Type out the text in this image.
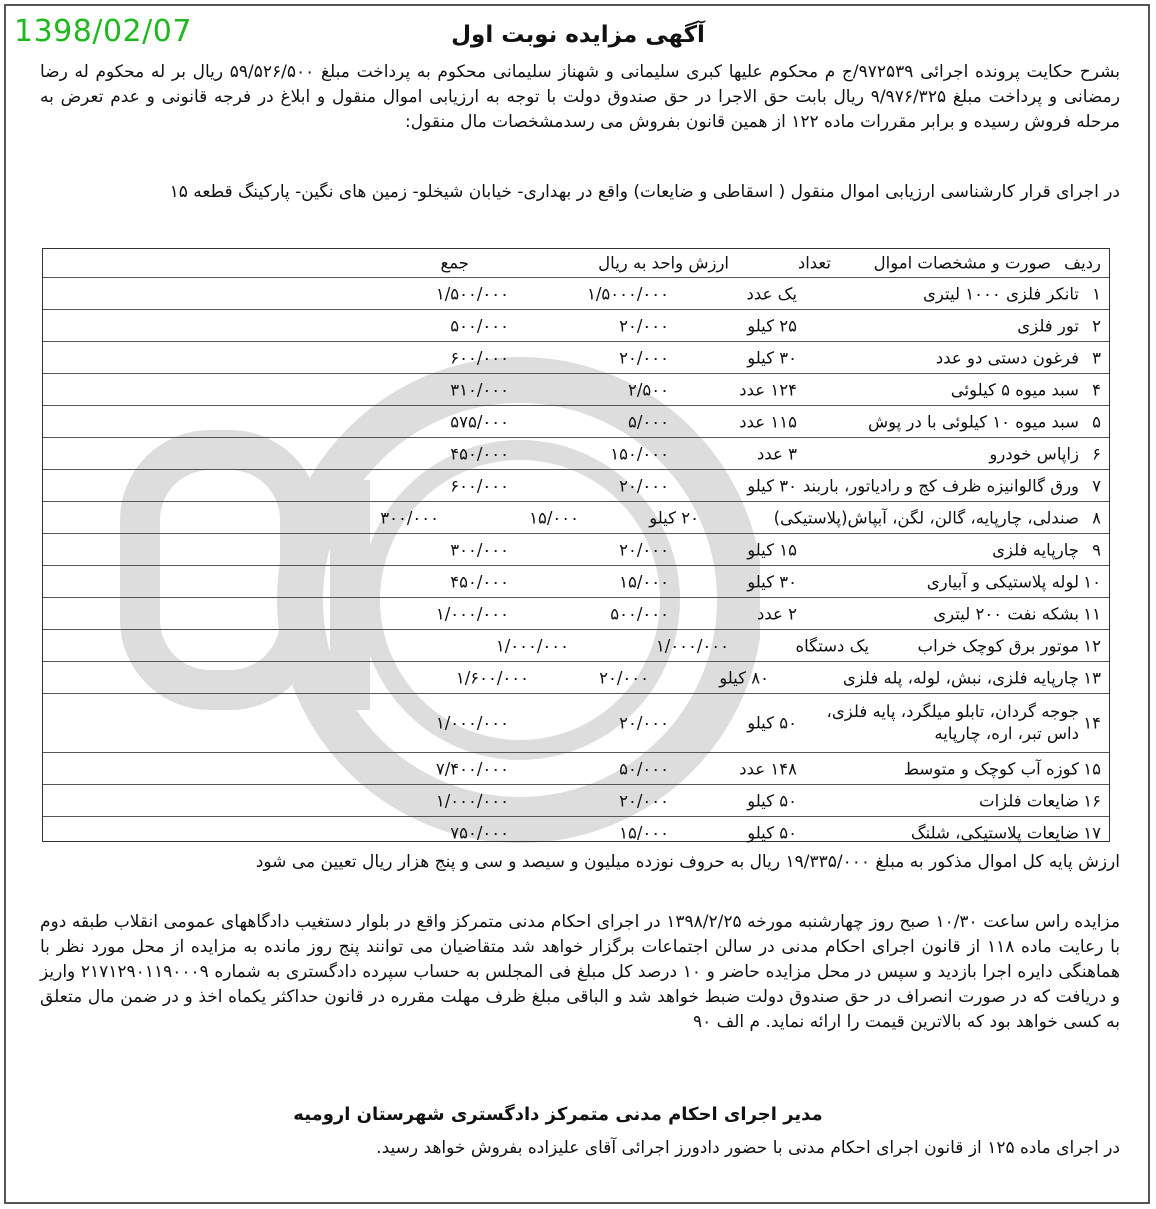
1398/02/07	آگهی مزایده نوبت اول
بشرح حکایت پرونده اجرائی ۹۷۲۵۳۹/ج م محکوم علیها کبری سلیمانی و شهناز سلیمانی محکوم به پرداخت مبلغ ۵۹/۵۲۶/۵۰۰ ریال بر له محکوم له رضا رمضانی و پرداخت مبلغ ۹/۹۷۶/۳۲۵ ریال بابت حق الاجرا در حق صندوق دولت با توجه به ارزیابی اموال منقول و ابلاغ در فرجه قانونی و عدم تعرض به مرحله فروش رسیده و برابر مقررات ماده ۱۲۲ از همین قانون بفروش می رسدمشخصات مال منقول:
در اجرای قرار کارشناسی ارزیابی اموال منقول ( اسقاطی و ضایعات) واقع در بهداری- خیابان شیخلو- زمین های نگین- پارکینگ قطعه ۱۵
ردیف
صورت و مشخصات اموال
تعداد
ارزش واحد به ریال
جمع
۱
تانکر فلزی ۱۰۰۰ لیتری
یک عدد
۱/۵۰۰۰/۰۰۰
۱/۵۰۰/۰۰۰
۲
تور فلزی
۲۵ کیلو
۲۰/۰۰۰
۵۰۰/۰۰۰
۳
فرغون دستی دو عدد
۳۰ کیلو
۲۰/۰۰۰
۶۰۰/۰۰۰
۴
سبد میوه ۵ کیلوئی
۱۲۴ عدد
۲/۵۰۰
۳۱۰/۰۰۰
۵
سبد میوه ۱۰ کیلوئی با در پوش
۱۱۵ عدد
۵/۰۰۰
۵۷۵/۰۰۰
۶
زاپاس خودرو
۳ عدد
۱۵۰/۰۰۰
۴۵۰/۰۰۰
۷
ورق گالوانیزه ظرف کج و رادیاتور، باربند
۳۰ کیلو
۲۰/۰۰۰
۶۰۰/۰۰۰
۸
صندلی، چارپایه، گالن، لگن، آبپاش(پلاستیکی)
۲۰ کیلو
۱۵/۰۰۰
۳۰۰/۰۰۰
۹
چارپایه فلزی
۱۵ کیلو
۲۰/۰۰۰
۳۰۰/۰۰۰
۱۰
لوله پلاستیکی و آبیاری
۳۰ کیلو
۱۵/۰۰۰
۴۵۰/۰۰۰
۱۱
بشکه نفت ۲۰۰ لیتری
۲ عدد
۵۰۰/۰۰۰
۱/۰۰۰/۰۰۰
۱۲
موتور برق کوچک خراب
یک دستگاه
۱/۰۰۰/۰۰۰
۱/۰۰۰/۰۰۰
۱۳
چارپایه فلزی، نبش، لوله، پله فلزی
۸۰ کیلو
۲۰/۰۰۰
۱/۶۰۰/۰۰۰
۱۴
جوجه گردان، تابلو میلگرد، پایه فلزی، داس تبر، اره، چارپایه
۵۰ کیلو
۲۰/۰۰۰
۱/۰۰۰/۰۰۰
۱۵
کوزه آب کوچک و متوسط
۱۴۸ عدد
۵۰/۰۰۰
۷/۴۰۰/۰۰۰
۱۶
ضایعات فلزات
۵۰ کیلو
۲۰/۰۰۰
۱/۰۰۰/۰۰۰
۱۷
ضایعات پلاستیکی، شلنگ
۵۰ کیلو
۱۵/۰۰۰
۷۵۰/۰۰۰
ارزش پایه کل اموال مذکور به مبلغ ۱۹/۳۳۵/۰۰۰ ریال به حروف نوزده میلیون و سیصد و سی و پنج هزار ریال تعیین می شود
مزایده راس ساعت ۱۰/۳۰ صبح روز چهارشنبه مورخه ۱۳۹۸/۲/۲۵ در اجرای احکام مدنی متمرکز واقع در بلوار دستغیب دادگاههای عمومی انقلاب طبقه دوم با رعایت ماده ۱۱۸ از قانون اجرای احکام مدنی در سالن اجتماعات برگزار خواهد شد متقاضیان می توانند پنج روز مانده به مزایده از محل مورد نظر با هماهنگی دایره اجرا بازدید و سپس در محل مزایده حاضر و ۱۰ درصد کل مبلغ فی المجلس به حساب سپرده دادگستری به شماره ۲۱۷۱۲۹۰۱۱۹۰۰۰۹ واریز و دریافت که در صورت انصراف در حق صندوق دولت ضبط خواهد شد و الباقی مبلغ ظرف مهلت مقرره در قانون حداکثر یکماه اخذ و در ضمن مال متعلق به کسی خواهد بود که بالاترین قیمت را ارائه نماید. م الف ۹۰
مدیر اجرای احکام مدنی متمرکز دادگستری شهرستان ارومیه
در اجرای ماده ۱۲۵ از قانون اجرای احکام مدنی با حضور دادورز اجرائی آقای علیزاده بفروش خواهد رسید.
